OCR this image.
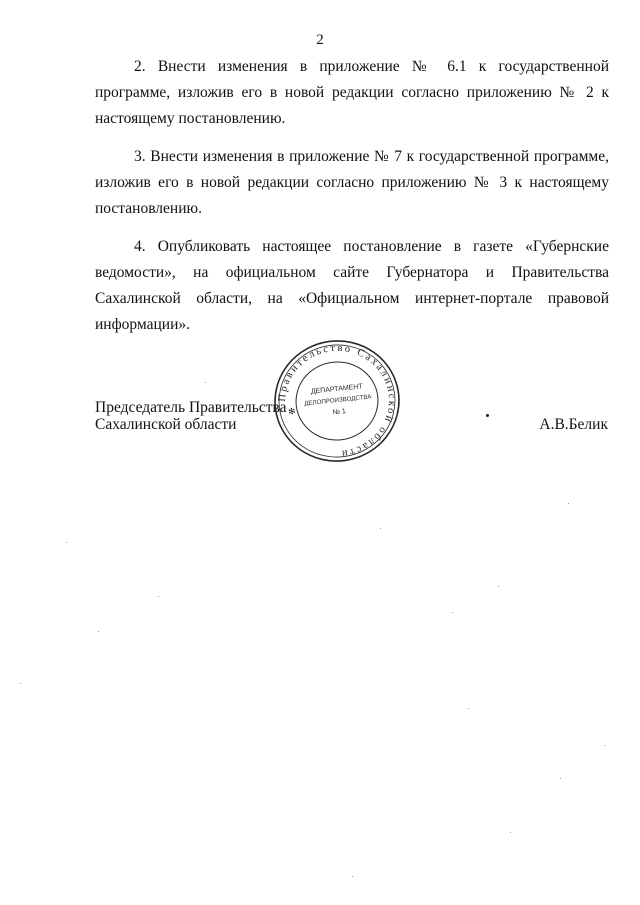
2

2. Внести изменения в приложение № 6.1 к государственной программе, изложив его в новой редакции согласно приложению № 2 к настоящему постановлению.

3. Внести изменения в приложение № 7 к государственной программе, изложив его в новой редакции согласно приложению № 3 к настоящему постановлению.

4. Опубликовать настоящее постановление в газете «Губернские ведомости», на официальном сайте Губернатора и Правительства Сахалинской области, на «Официальном интернет-портале правовой информации».

Председатель Правительства
Сахалинской области	А.В.Белик
Правительство Сахалинской области
✻
ДЕПАРТАМЕНТ
ДЕЛОПРОИЗВОДСТВА
№ 1
